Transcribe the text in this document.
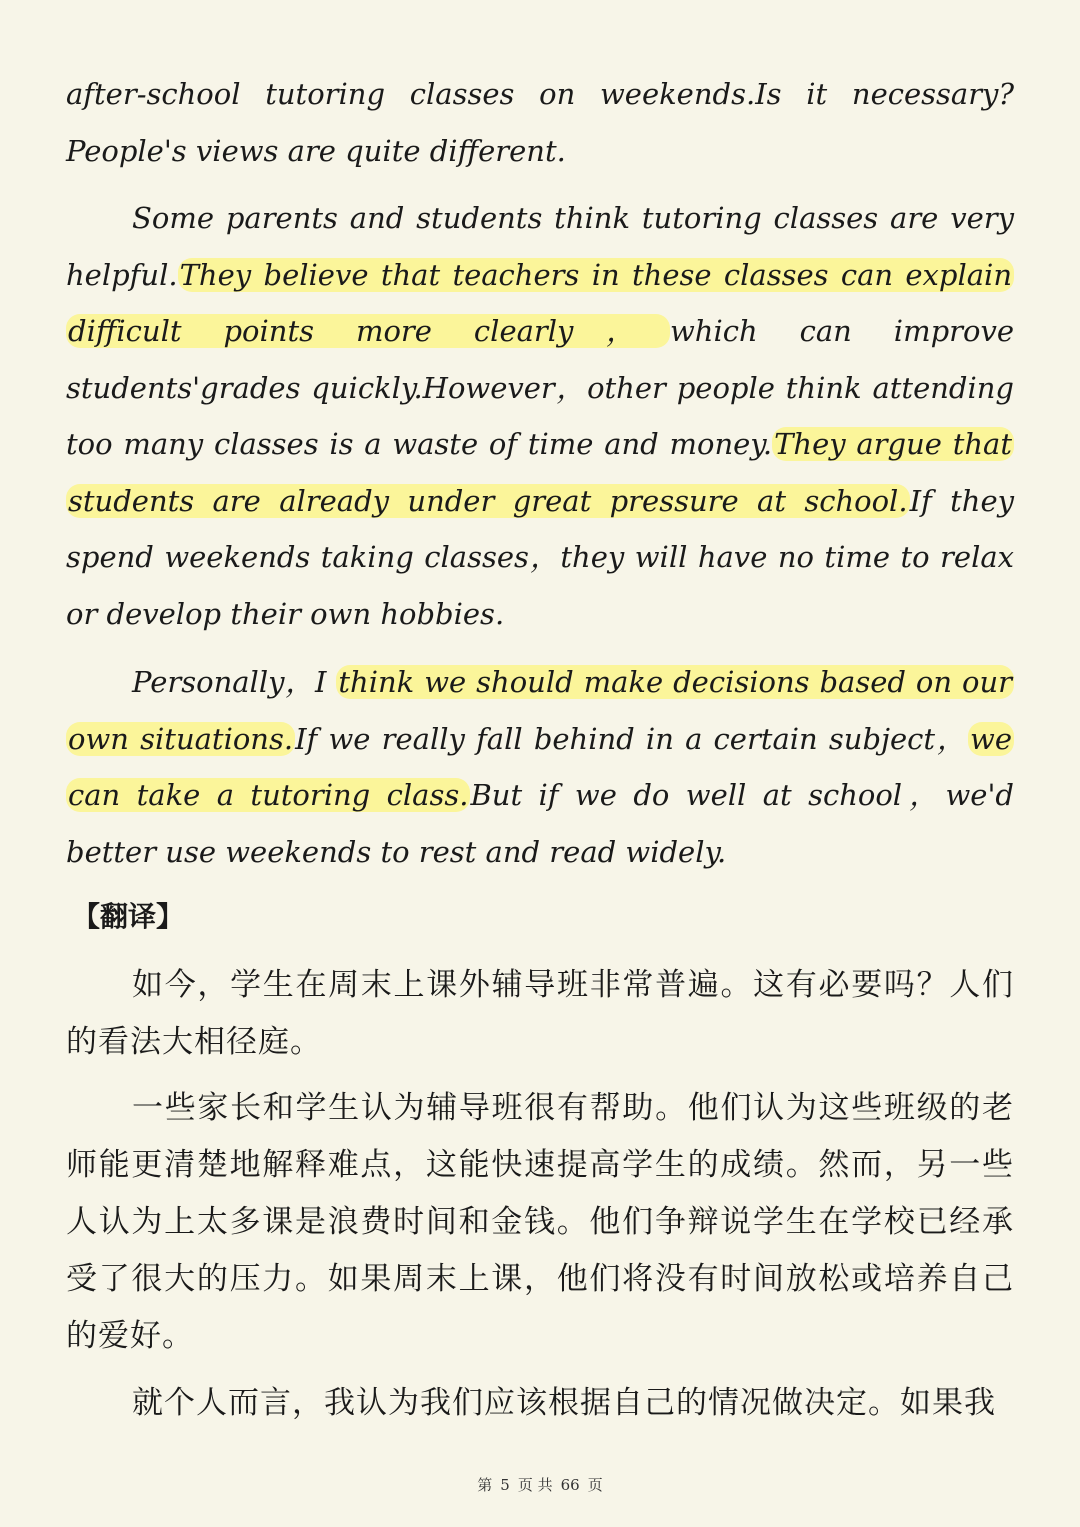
after-school tutoring classes on weekends.Is it necessary?People's views are quite different.

Some parents and students think tutoring classes are very helpful.They believe that teachers in these classes can explain difficult points more clearly，which can improve students'grades quickly.However，other people think attending too many classes is a waste of time and money.They argue that students are already under great pressure at school.If they spend weekends taking classes，they will have no time to relax or develop their own hobbies.

Personally，I think we should make decisions based on our own situations.If we really fall behind in a certain subject，we can take a tutoring class.But if we do well at school，we'd better use weekends to rest and read widely.

【翻译】

如今，学生在周末上课外辅导班非常普遍。这有必要吗？人们的看法大相径庭。

一些家长和学生认为辅导班很有帮助。他们认为这些班级的老师能更清楚地解释难点，这能快速提高学生的成绩。然而，另一些人认为上太多课是浪费时间和金钱。他们争辩说学生在学校已经承受了很大的压力。如果周末上课，他们将没有时间放松或培养自己的爱好。

就个人而言，我认为我们应该根据自己的情况做决定。如果我

第 5 页 共 66 页
